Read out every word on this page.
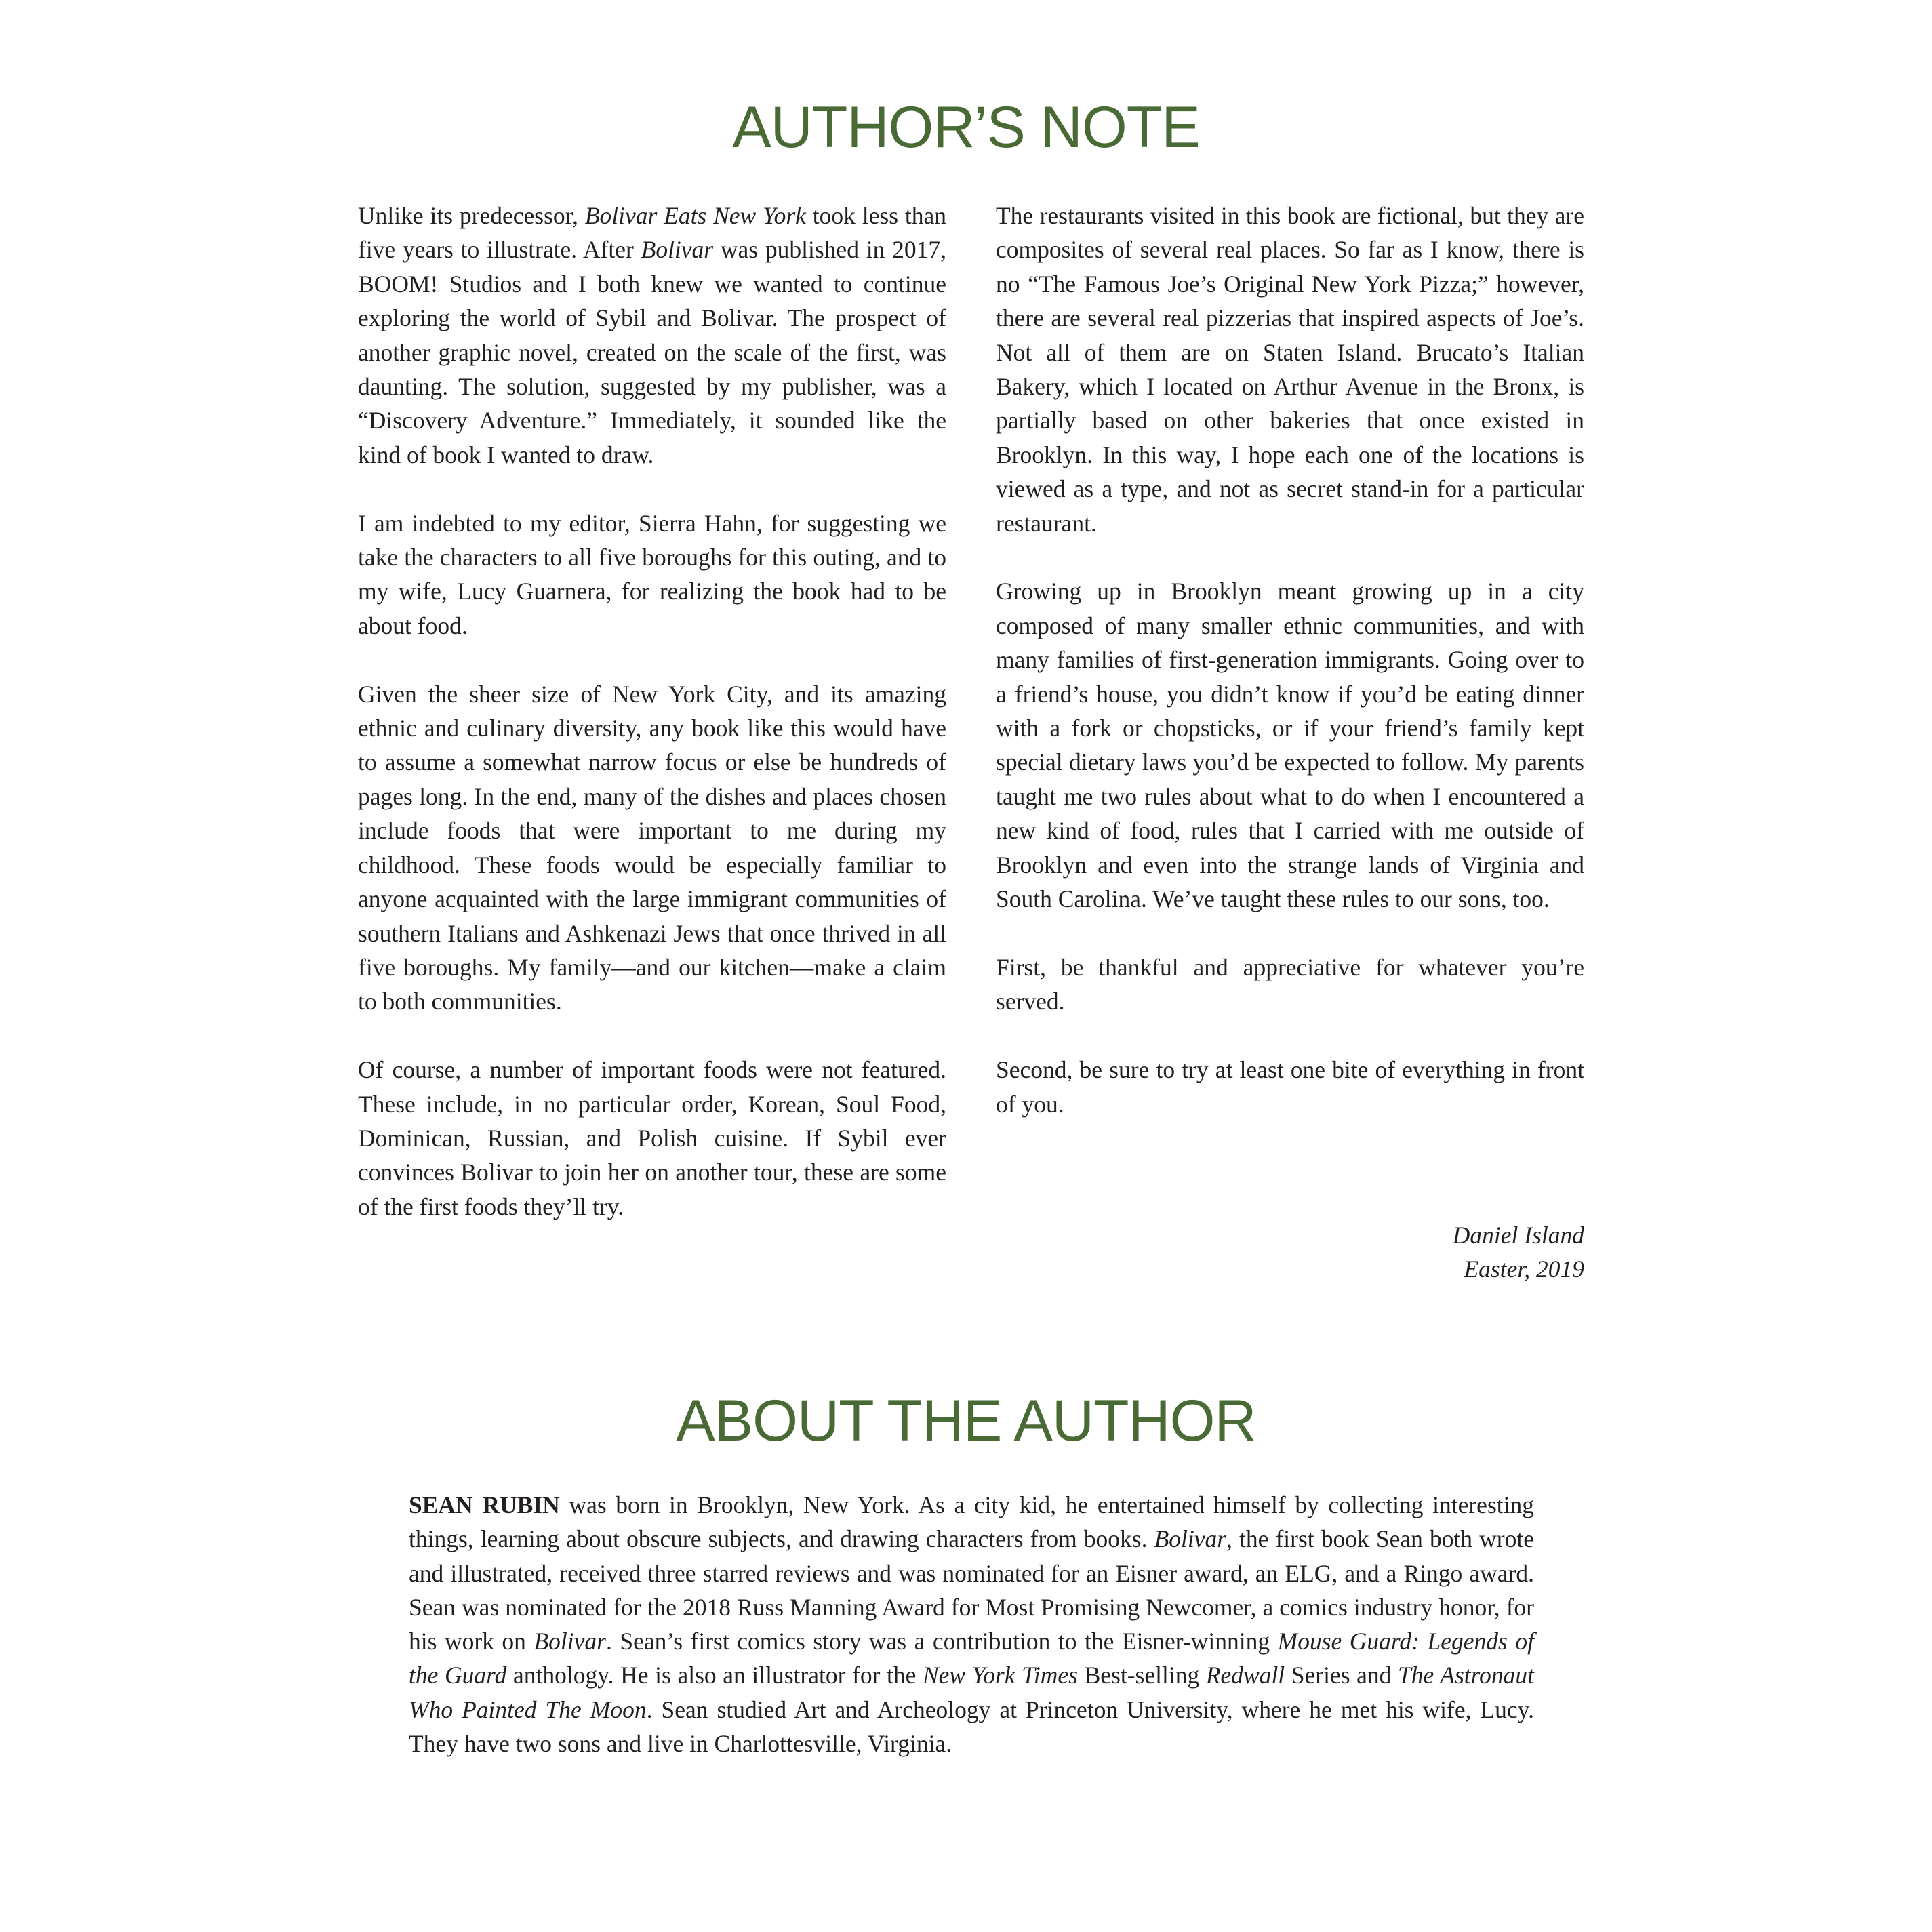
AUTHOR’S NOTE

Unlike its predecessor, Bolivar Eats New York took less than five years to illustrate. After Bolivar was published in 2017, BOOM! Studios and I both knew we wanted to continue exploring the world of Sybil and Bolivar. The prospect of another graphic novel, created on the scale of the first, was daunting. The solution, suggested by my publisher, was a “Discovery Adventure.” Immediately, it sounded like the kind of book I wanted to draw.

I am indebted to my editor, Sierra Hahn, for suggesting we take the characters to all five boroughs for this outing, and to my wife, Lucy Guarnera, for realizing the book had to be about food.

Given the sheer size of New York City, and its amazing ethnic and culinary diversity, any book like this would have to assume a somewhat narrow focus or else be hundreds of pages long. In the end, many of the dishes and places chosen include foods that were important to me during my childhood. These foods would be especially familiar to anyone acquainted with the large immigrant communities of southern Italians and Ashkenazi Jews that once thrived in all five boroughs. My family—and our kitchen—make a claim to both communities.

Of course, a number of important foods were not featured. These include, in no particular order, Korean, Soul Food, Dominican, Russian, and Polish cuisine. If Sybil ever convinces Bolivar to join her on another tour, these are some of the first foods they’ll try.

The restaurants visited in this book are fictional, but they are composites of several real places. So far as I know, there is no “The Famous Joe’s Original New York Pizza;” however, there are several real pizzerias that inspired aspects of Joe’s. Not all of them are on Staten Island. Brucato’s Italian Bakery, which I located on Arthur Avenue in the Bronx, is partially based on other bakeries that once existed in Brooklyn. In this way, I hope each one of the locations is viewed as a type, and not as secret stand-in for a particular restaurant.

Growing up in Brooklyn meant growing up in a city composed of many smaller ethnic communities, and with many families of first-generation immigrants. Going over to a friend’s house, you didn’t know if you’d be eating dinner with a fork or chopsticks, or if your friend’s family kept special dietary laws you’d be expected to follow. My parents taught me two rules about what to do when I encountered a new kind of food, rules that I carried with me outside of Brooklyn and even into the strange lands of Virginia and South Carolina. We’ve taught these rules to our sons, too.

First, be thankful and appreciative for whatever you’re served.

Second, be sure to try at least one bite of everything in front of you.

Daniel Island
Easter, 2019
ABOUT THE AUTHOR

SEAN RUBIN was born in Brooklyn, New York. As a city kid, he entertained himself by collecting interesting things, learning about obscure subjects, and drawing characters from books. Bolivar, the first book Sean both wrote and illustrated, received three starred reviews and was nominated for an Eisner award, an ELG, and a Ringo award. Sean was nominated for the 2018 Russ Manning Award for Most Promising Newcomer, a comics industry honor, for his work on Bolivar. Sean’s first comics story was a contribution to the Eisner-winning Mouse Guard: Legends of the Guard anthology. He is also an illustrator for the New York Times Best-selling Redwall Series and The Astronaut Who Painted The Moon. Sean studied Art and Archeology at Princeton University, where he met his wife, Lucy. They have two sons and live in Charlottesville, Virginia.
